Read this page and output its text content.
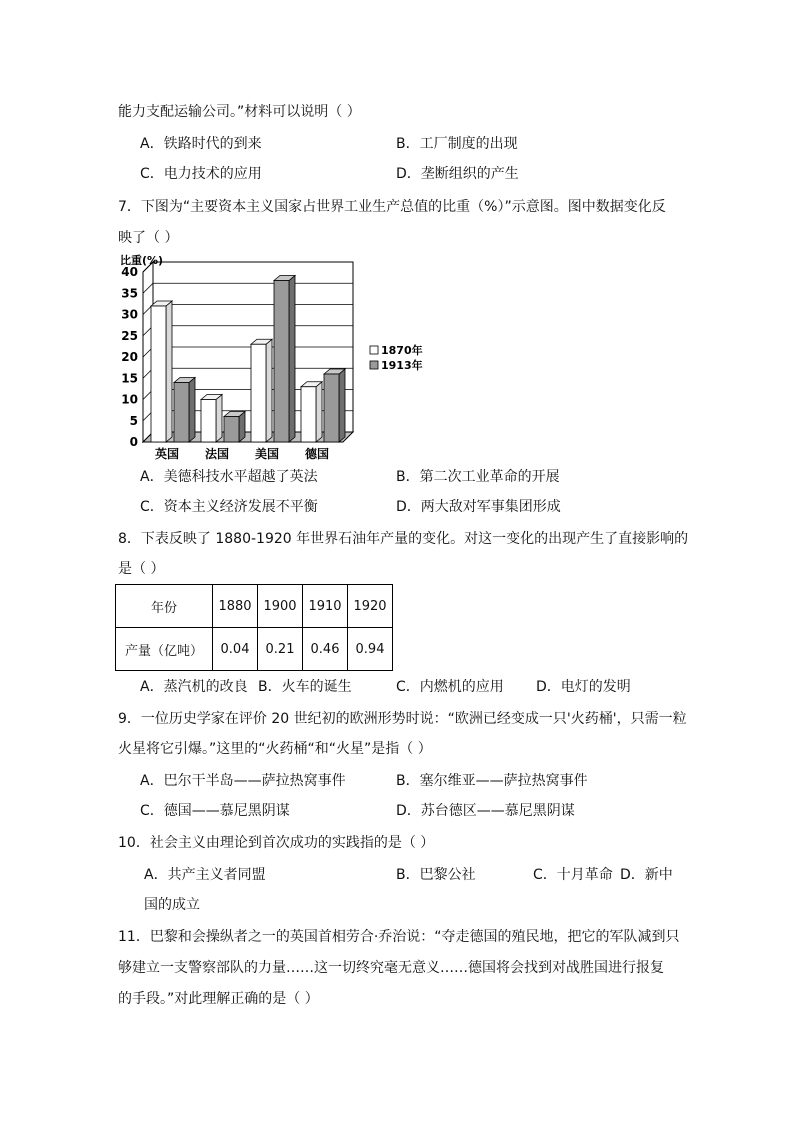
能力支配运输公司。”材料可以说明（ ）
A．铁路时代的到来	B．工厂制度的出现
C．电力技术的应用	D．垄断组织的产生
7．下图为“主要资本主义国家占世界工业生产总值的比重（%）”示意图。图中数据变化反
映了（ ）
0
5
10
15
20
25
30
35
40
比重(%)
英国 法国 美国 德国
1870年
1913年
A．美德科技水平超越了英法	B．第二次工业革命的开展
C．资本主义经济发展不平衡	D．两大敌对军事集团形成
8．下表反映了 1880-1920 年世界石油年产量的变化。对这一变化的出现产生了直接影响的
是（ ）
年份	1880	1900	1910	1920
产量（亿吨）	0.04	0.21	0.46	0.94
A．蒸汽机的改良 B．火车的诞生	C．内燃机的应用 D．电灯的发明
9．一位历史学家在评价 20 世纪初的欧洲形势时说：“欧洲已经变成一只'火药桶'，只需一粒
火星将它引爆。”这里的“火药桶“和“火星”是指（ ）
A．巴尔干半岛——萨拉热窝事件	B．塞尔维亚——萨拉热窝事件
C．德国——慕尼黑阴谋	D．苏台德区——慕尼黑阴谋
10．社会主义由理论到首次成功的实践指的是（ ）
A．共产主义者同盟	B．巴黎公社	C．十月革命 D．新中
国的成立
11．巴黎和会操纵者之一的英国首相劳合·乔治说：“夺走德国的殖民地，把它的军队减到只
够建立一支警察部队的力量……这一切终究毫无意义……德国将会找到对战胜国进行报复
的手段。”对此理解正确的是（ ）
